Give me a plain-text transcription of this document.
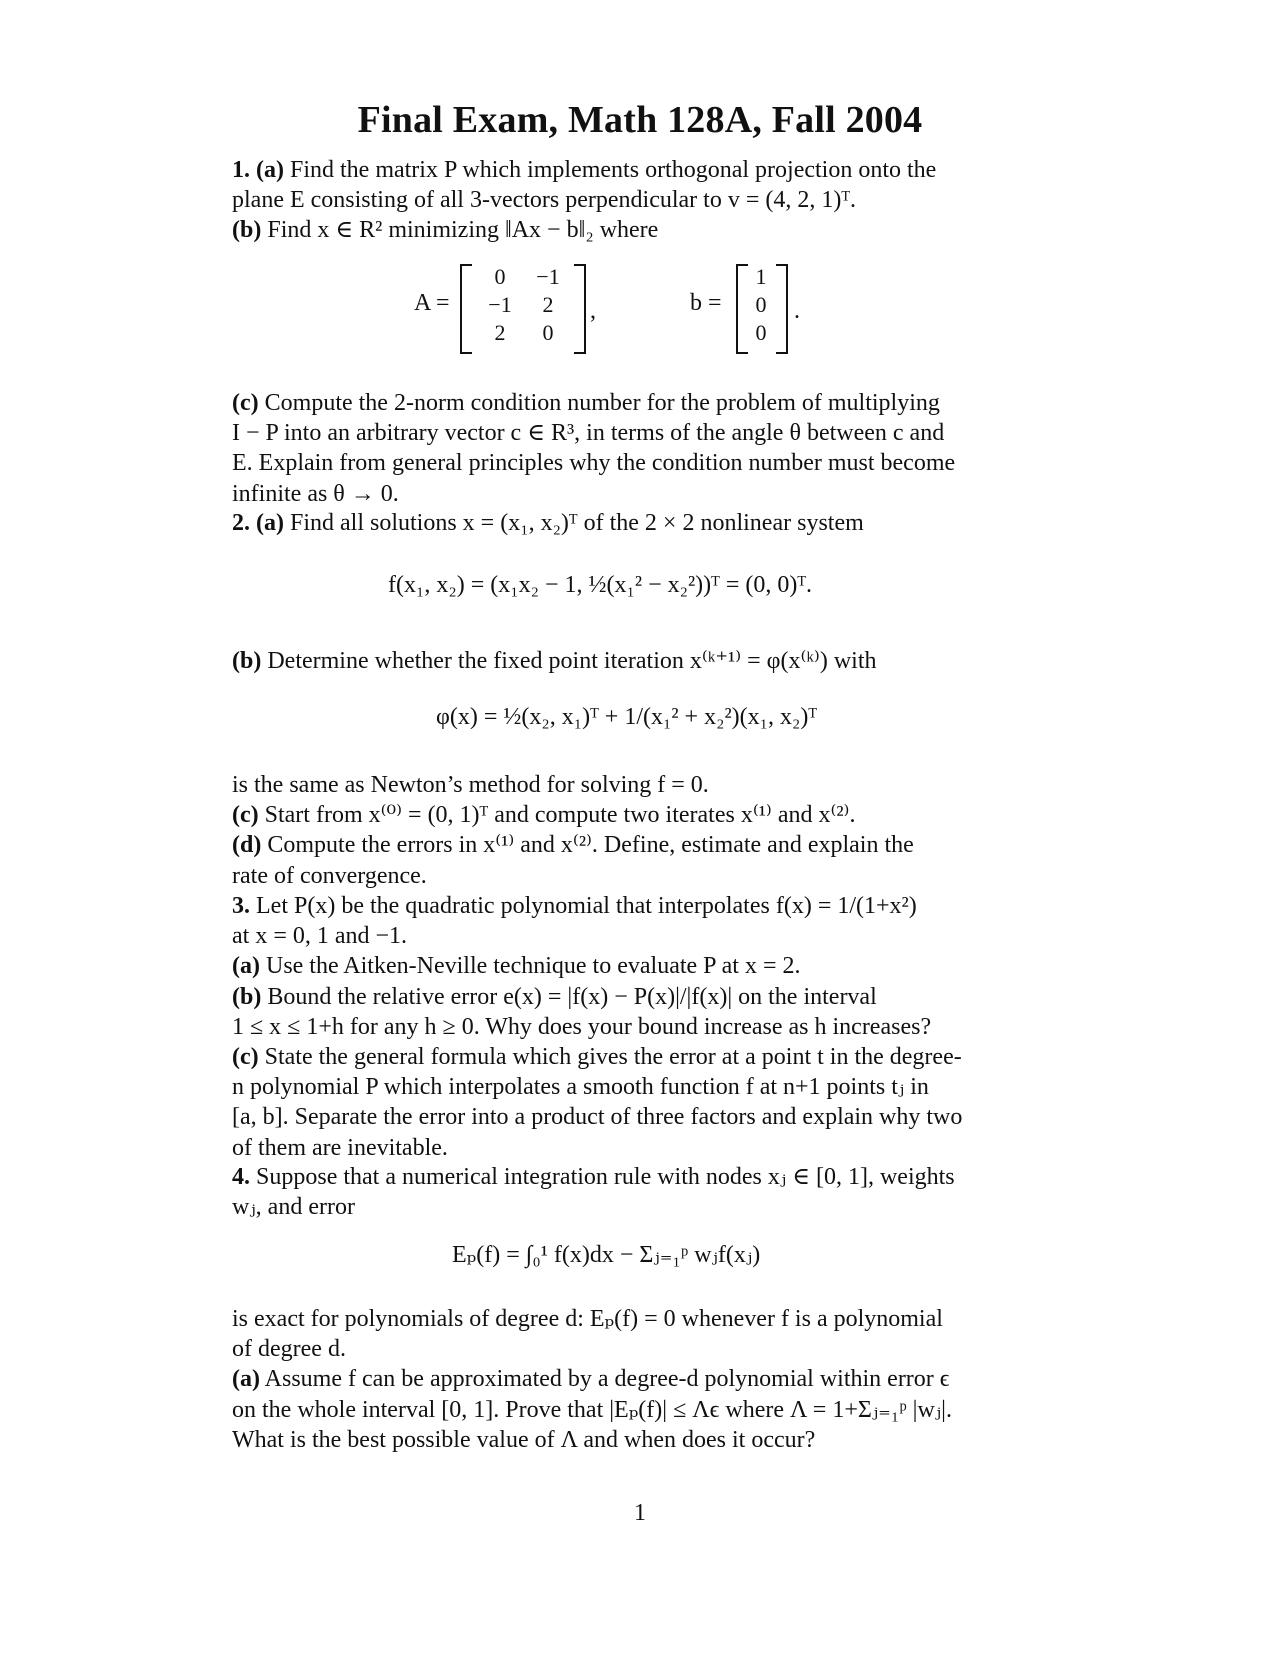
Final Exam, Math 128A, Fall 2004
1. (a) Find the matrix P which implements orthogonal projection onto the
plane E consisting of all 3-vectors perpendicular to v = (4, 2, 1)ᵀ.
(b) Find x ∈ R² minimizing ‖Ax − b‖₂ where
A =
0	−1
−1	2
2	0
,	b =
1
0
0
.
(c) Compute the 2-norm condition number for the problem of multiplying
I − P into an arbitrary vector c ∈ R³, in terms of the angle θ between c and
E. Explain from general principles why the condition number must become
infinite as θ → 0.
2. (a) Find all solutions x = (x₁, x₂)ᵀ of the 2 × 2 nonlinear system
f(x₁, x₂) = (x₁x₂ − 1, ½(x₁² − x₂²))ᵀ = (0, 0)ᵀ.
(b) Determine whether the fixed point iteration x⁽ᵏ⁺¹⁾ = φ(x⁽ᵏ⁾) with
φ(x) = ½(x₂, x₁)ᵀ + 1/(x₁² + x₂²)(x₁, x₂)ᵀ
is the same as Newton’s method for solving f = 0.
(c) Start from x⁽⁰⁾ = (0, 1)ᵀ and compute two iterates x⁽¹⁾ and x⁽²⁾.
(d) Compute the errors in x⁽¹⁾ and x⁽²⁾. Define, estimate and explain the
rate of convergence.
3. Let P(x) be the quadratic polynomial that interpolates f(x) = 1/(1+x²)
at x = 0, 1 and −1.
(a) Use the Aitken-Neville technique to evaluate P at x = 2.
(b) Bound the relative error e(x) = |f(x) − P(x)|/|f(x)| on the interval
1 ≤ x ≤ 1+h for any h ≥ 0. Why does your bound increase as h increases?
(c) State the general formula which gives the error at a point t in the degree-
n polynomial P which interpolates a smooth function f at n+1 points tⱼ in
[a, b]. Separate the error into a product of three factors and explain why two
of them are inevitable.
4. Suppose that a numerical integration rule with nodes xⱼ ∈ [0, 1], weights
wⱼ, and error
Eₚ(f) = ∫₀¹ f(x)dx − Σⱼ₌₁ᵖ wⱼf(xⱼ)
is exact for polynomials of degree d: Eₚ(f) = 0 whenever f is a polynomial
of degree d.
(a) Assume f can be approximated by a degree-d polynomial within error ϵ
on the whole interval [0, 1]. Prove that |Eₚ(f)| ≤ Λϵ where Λ = 1+Σⱼ₌₁ᵖ |wⱼ|.
What is the best possible value of Λ and when does it occur?
1
